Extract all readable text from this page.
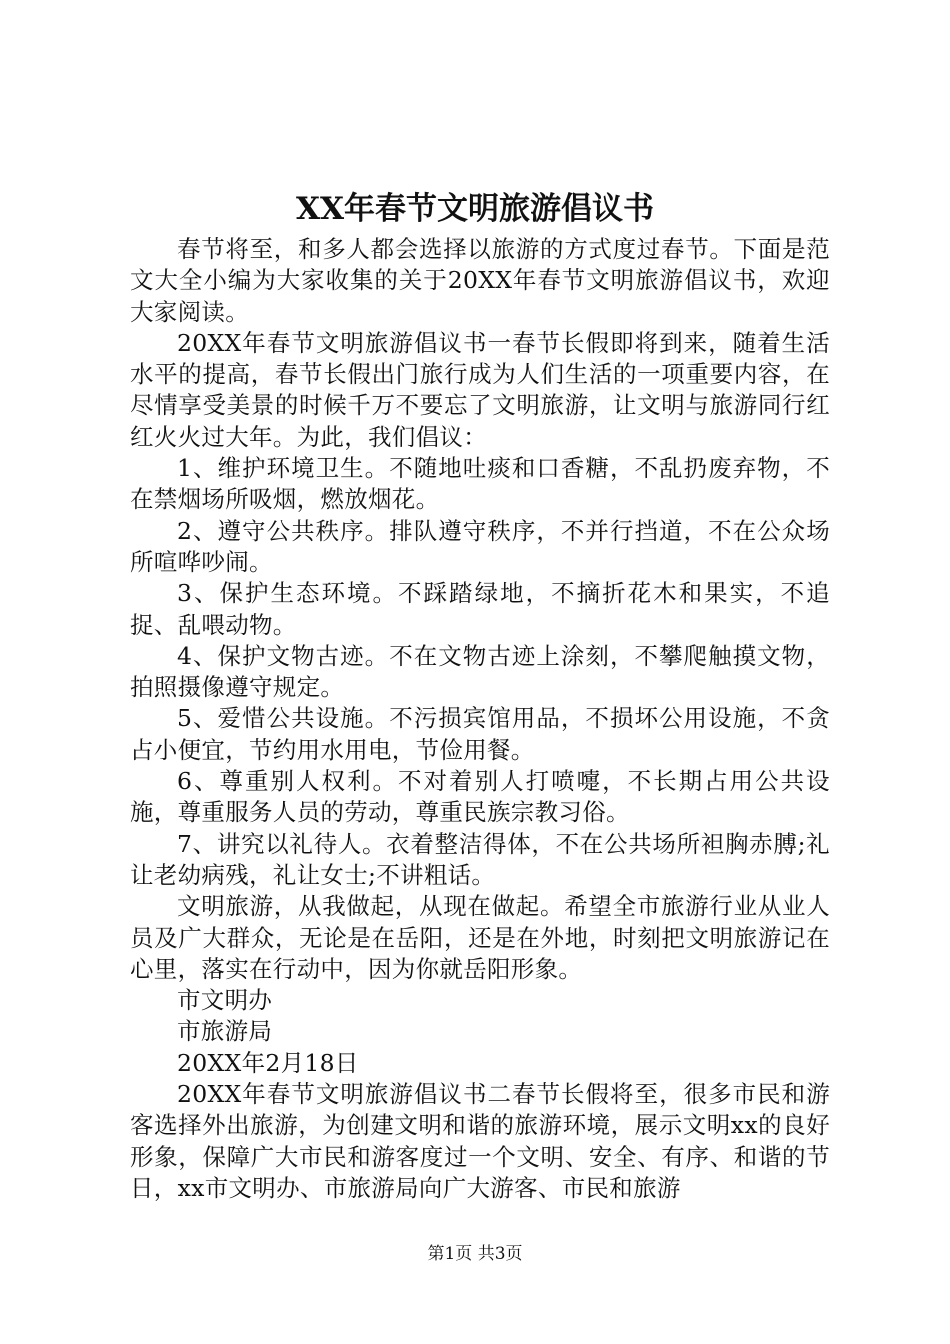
XX年春节文明旅游倡议书

春节将至，和多人都会选择以旅游的方式度过春节。下面是范文大全小编为大家收集的关于20XX年春节文明旅游倡议书，欢迎大家阅读。

20XX年春节文明旅游倡议书一春节长假即将到来，随着生活水平的提高，春节长假出门旅行成为人们生活的一项重要内容，在尽情享受美景的时候千万不要忘了文明旅游，让文明与旅游同行红红火火过大年。为此，我们倡议：

1、维护环境卫生。不随地吐痰和口香糖，不乱扔废弃物，不在禁烟场所吸烟，燃放烟花。

2、遵守公共秩序。排队遵守秩序，不并行挡道，不在公众场所喧哗吵闹。

3、保护生态环境。不踩踏绿地，不摘折花木和果实，不追捉、乱喂动物。

4、保护文物古迹。不在文物古迹上涂刻，不攀爬触摸文物，拍照摄像遵守规定。

5、爱惜公共设施。不污损宾馆用品，不损坏公用设施，不贪占小便宜，节约用水用电，节俭用餐。

6、尊重别人权利。不对着别人打喷嚏，不长期占用公共设施，尊重服务人员的劳动，尊重民族宗教习俗。

7、讲究以礼待人。衣着整洁得体，不在公共场所袒胸赤膊;礼让老幼病残，礼让女士;不讲粗话。

文明旅游，从我做起，从现在做起。希望全市旅游行业从业人员及广大群众，无论是在岳阳，还是在外地，时刻把文明旅游记在心里，落实在行动中，因为你就岳阳形象。

市文明办

市旅游局

20XX年2月18日

20XX年春节文明旅游倡议书二春节长假将至，很多市民和游客选择外出旅游，为创建文明和谐的旅游环境，展示文明xx的良好形象，保障广大市民和游客度过一个文明、安全、有序、和谐的节日，xx市文明办、市旅游局向广大游客、市民和旅游

第1页 共3页
